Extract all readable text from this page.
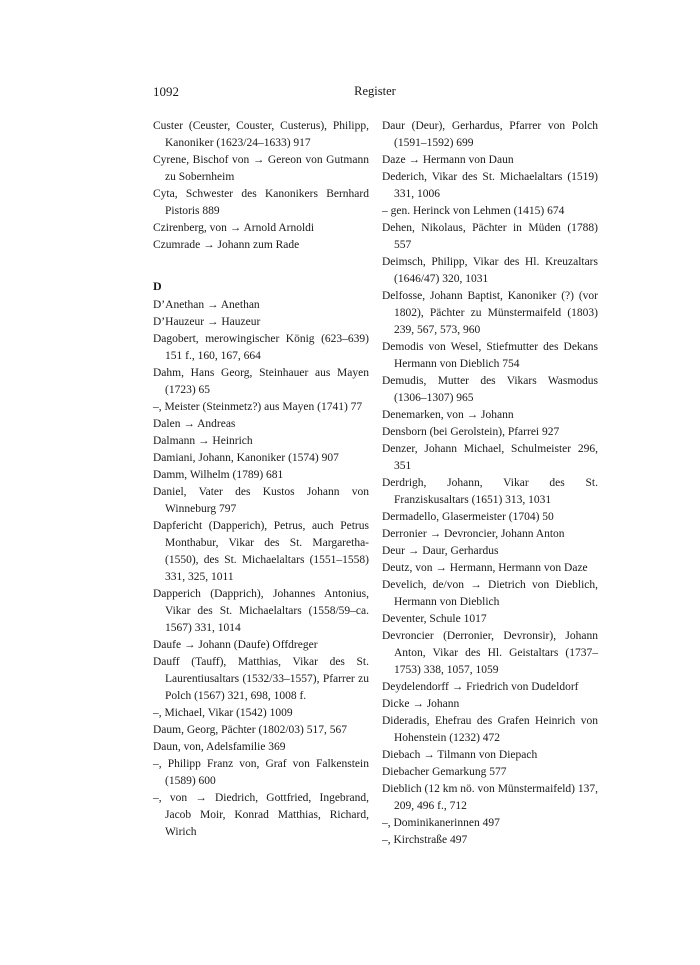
1092	Register

Custer (Ceuster, Couster, Custerus), Philipp, Kanoniker (1623/24–1633) 917

Cyrene, Bischof von → Gereon von Gutmann zu Sobernheim

Cyta, Schwester des Kanonikers Bernhard Pistoris 889

Czirenberg, von → Arnold Arnoldi

Czumrade → Johann zum Rade

D

D’Anethan → Anethan

D’Hauzeur → Hauzeur

Dagobert, merowingischer König (623–639) 151 f., 160, 167, 664

Dahm, Hans Georg, Steinhauer aus Mayen (1723) 65

–, Meister (Steinmetz?) aus Mayen (1741) 77

Dalen → Andreas

Dalmann → Heinrich

Damiani, Johann, Kanoniker (1574) 907

Damm, Wilhelm (1789) 681

Daniel, Vater des Kustos Johann von Winneburg 797

Dapfericht (Dapperich), Petrus, auch Petrus Monthabur, Vikar des St. Margaretha- (1550), des St. Michaelaltars (1551–1558) 331, 325, 1011

Dapperich (Dapprich), Johannes Antonius, Vikar des St. Michaelaltars (1558/59–ca. 1567) 331, 1014

Daufe → Johann (Daufe) Offdreger

Dauff (Tauff), Matthias, Vikar des St. Laurentiusaltars (1532/33–1557), Pfarrer zu Polch (1567) 321, 698, 1008 f.

–, Michael, Vikar (1542) 1009

Daum, Georg, Pächter (1802/03) 517, 567

Daun, von, Adelsfamilie 369

–, Philipp Franz von, Graf von Falkenstein (1589) 600

–, von → Diedrich, Gottfried, Ingebrand, Jacob Moir, Konrad Matthias, Richard, Wirich

Daur (Deur), Gerhardus, Pfarrer von Polch (1591–1592) 699

Daze → Hermann von Daun

Dederich, Vikar des St. Michaelaltars (1519) 331, 1006

– gen. Herinck von Lehmen (1415) 674

Dehen, Nikolaus, Pächter in Müden (1788) 557

Deimsch, Philipp, Vikar des Hl. Kreuzaltars (1646/47) 320, 1031

Delfosse, Johann Baptist, Kanoniker (?) (vor 1802), Pächter zu Münstermaifeld (1803) 239, 567, 573, 960

Demodis von Wesel, Stiefmutter des Dekans Hermann von Dieblich 754

Demudis, Mutter des Vikars Wasmodus (1306–1307) 965

Denemarken, von → Johann

Densborn (bei Gerolstein), Pfarrei 927

Denzer, Johann Michael, Schulmeister 296, 351

Derdrigh, Johann, Vikar des St. Franziskusaltars (1651) 313, 1031

Dermadello, Glasermeister (1704) 50

Derronier → Devroncier, Johann Anton

Deur → Daur, Gerhardus

Deutz, von → Hermann, Hermann von Daze

Develich, de/von → Dietrich von Dieblich, Hermann von Dieblich

Deventer, Schule 1017

Devroncier (Derronier, Devronsir), Johann Anton, Vikar des Hl. Geistaltars (1737–1753) 338, 1057, 1059

Deydelendorff → Friedrich von Dudeldorf

Dicke → Johann

Dideradis, Ehefrau des Grafen Heinrich von Hohenstein (1232) 472

Diebach → Tilmann von Diepach

Diebacher Gemarkung 577

Dieblich (12 km nö. von Münstermaifeld) 137, 209, 496 f., 712

–, Dominikanerinnen 497

–, Kirchstraße 497
